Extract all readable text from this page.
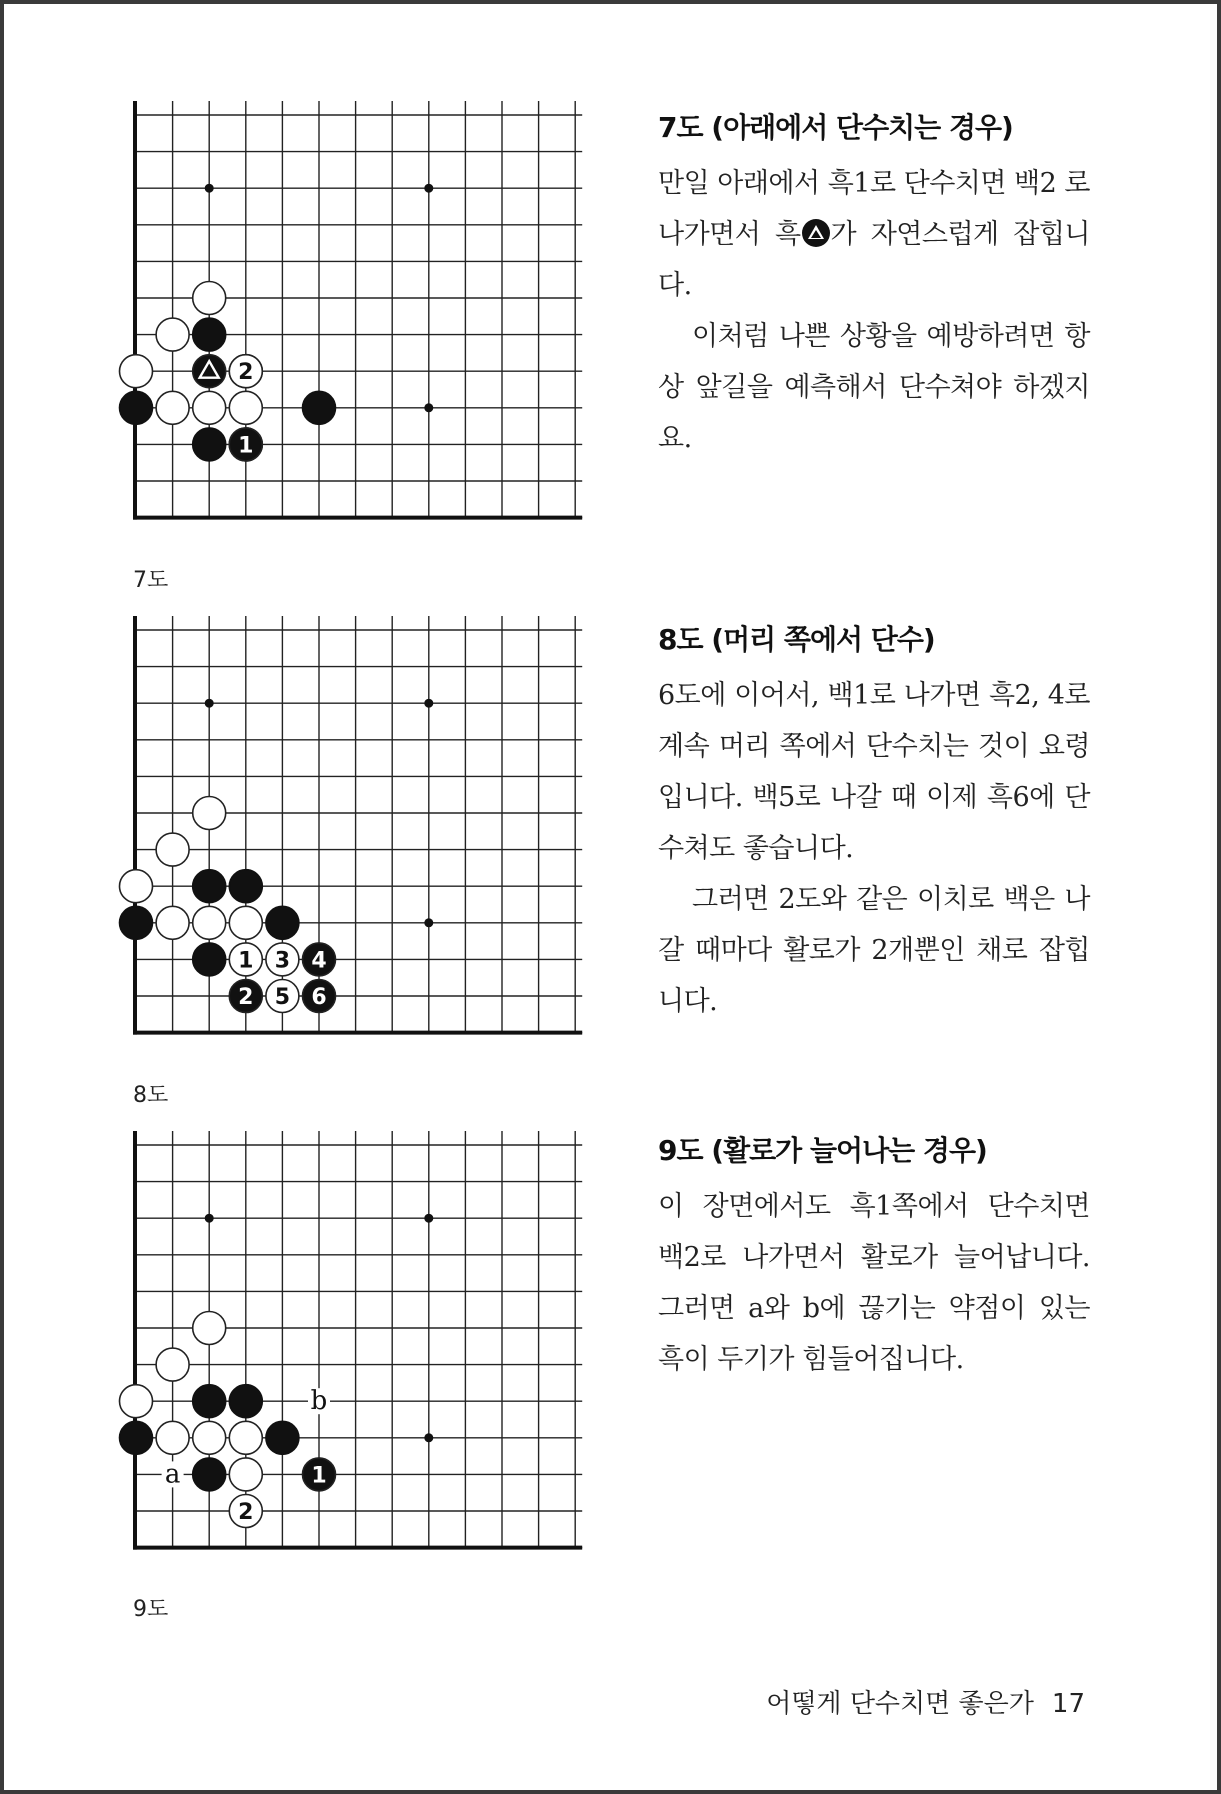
2
1
7도
1
2
3 4
5 6
8도
1
2
a
b
9도
7도 (아래에서 단수치는 경우)

만일 아래에서 흑1로 단수치면 백2 로 나가면서 흑 가 자연스럽게 잡힙니다.

이처럼 나쁜 상황을 예방하려면 항상 앞길을 예측해서 단수쳐야 하겠지요.

8도 (머리 쪽에서 단수)

6도에 이어서, 백1로 나가면 흑2, 4로 계속 머리 쪽에서 단수치는 것이 요령입니다. 백5로 나갈 때 이제 흑6에 단수쳐도 좋습니다.

그러면 2도와 같은 이치로 백은 나갈 때마다 활로가 2개뿐인 채로 잡힙니다.

9도 (활로가 늘어나는 경우)

이 장면에서도 흑1쪽에서 단수치면 백2로 나가면서 활로가 늘어납니다. 그러면 a와 b에 끊기는 약점이 있는 흑이 두기가 힘들어집니다.

어떻게 단수치면 좋은가 17
